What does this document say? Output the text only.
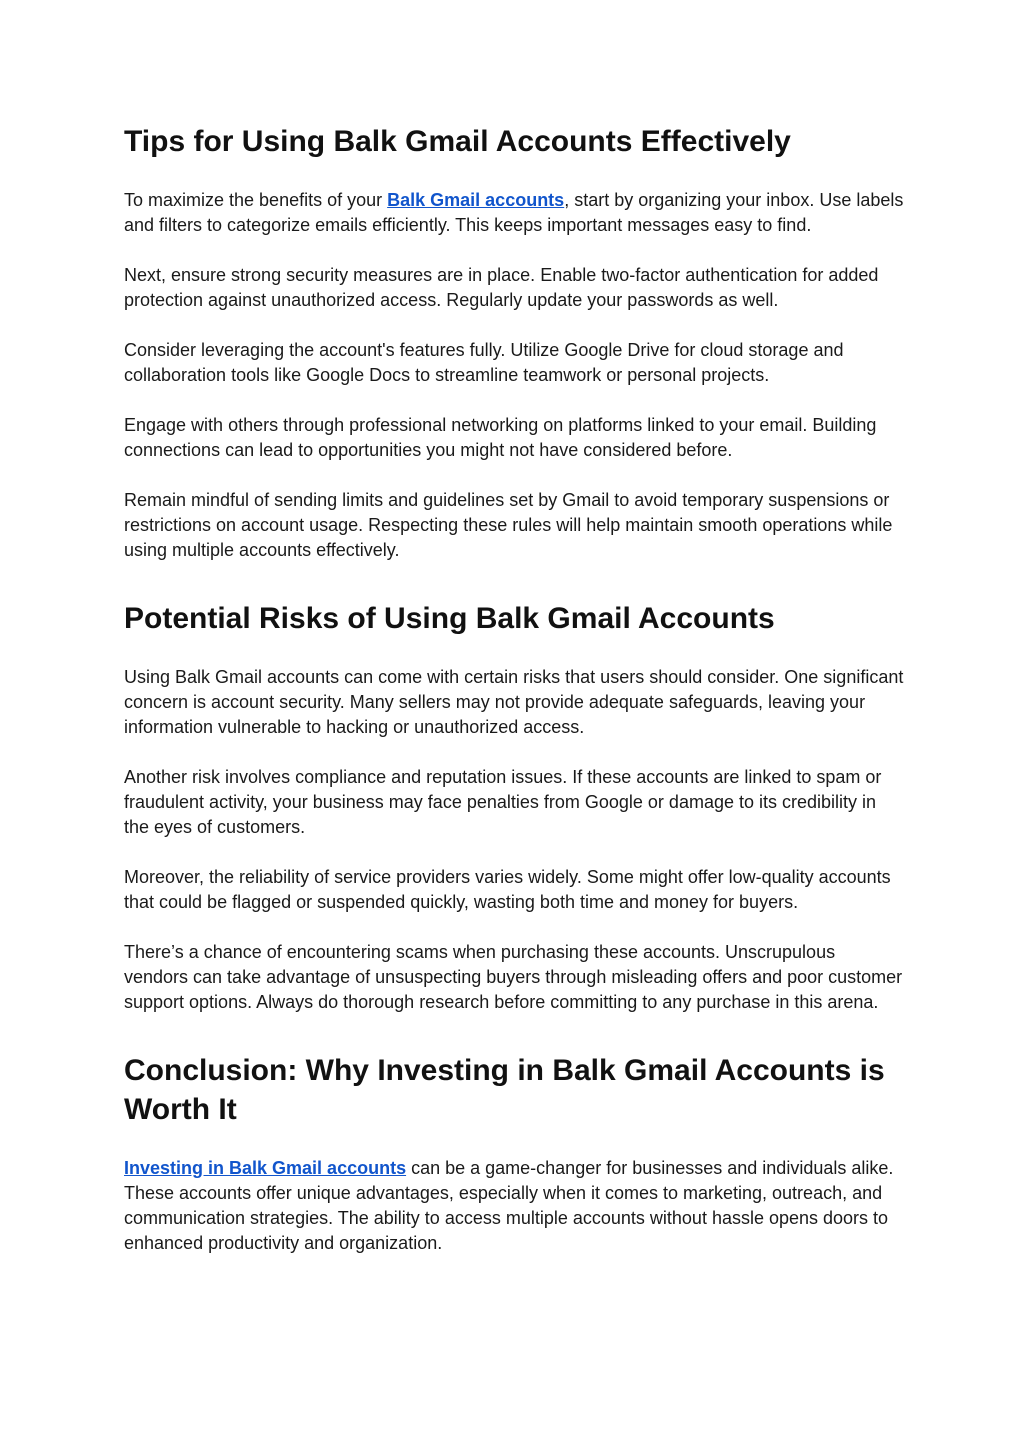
Tips for Using Balk Gmail Accounts Effectively

To maximize the benefits of your Balk Gmail accounts, start by organizing your inbox. Use labels and filters to categorize emails efficiently. This keeps important messages easy to find.

Next, ensure strong security measures are in place. Enable two-factor authentication for added protection against unauthorized access. Regularly update your passwords as well.

Consider leveraging the account's features fully. Utilize Google Drive for cloud storage and collaboration tools like Google Docs to streamline teamwork or personal projects.

Engage with others through professional networking on platforms linked to your email. Building connections can lead to opportunities you might not have considered before.

Remain mindful of sending limits and guidelines set by Gmail to avoid temporary suspensions or restrictions on account usage. Respecting these rules will help maintain smooth operations while using multiple accounts effectively.

Potential Risks of Using Balk Gmail Accounts

Using Balk Gmail accounts can come with certain risks that users should consider. One significant concern is account security. Many sellers may not provide adequate safeguards, leaving your information vulnerable to hacking or unauthorized access.

Another risk involves compliance and reputation issues. If these accounts are linked to spam or fraudulent activity, your business may face penalties from Google or damage to its credibility in the eyes of customers.

Moreover, the reliability of service providers varies widely. Some might offer low-quality accounts that could be flagged or suspended quickly, wasting both time and money for buyers.

There’s a chance of encountering scams when purchasing these accounts. Unscrupulous vendors can take advantage of unsuspecting buyers through misleading offers and poor customer support options. Always do thorough research before committing to any purchase in this arena.

Conclusion: Why Investing in Balk Gmail Accounts is Worth It

Investing in Balk Gmail accounts can be a game-changer for businesses and individuals alike. These accounts offer unique advantages, especially when it comes to marketing, outreach, and communication strategies. The ability to access multiple accounts without hassle opens doors to enhanced productivity and organization.
